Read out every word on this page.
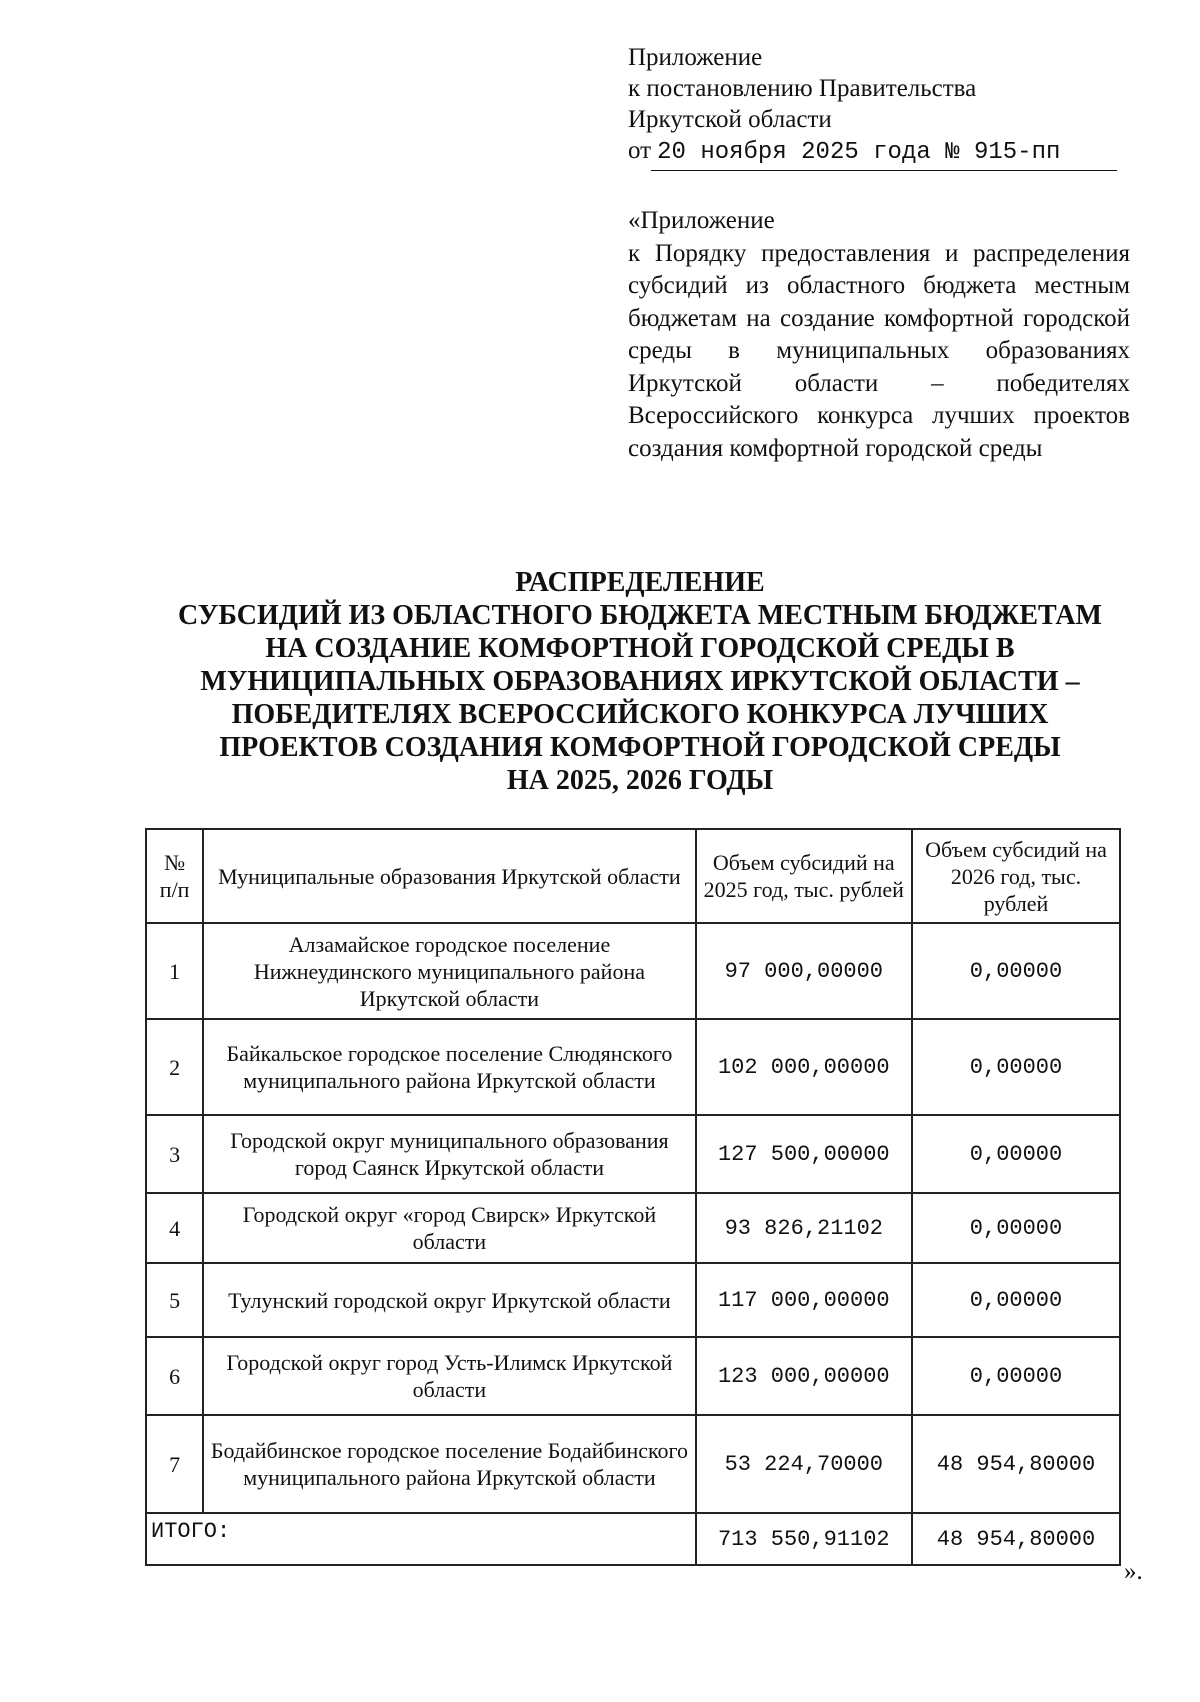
Приложение
к постановлению Правительства
Иркутской области
от 20 ноября 2025 года № 915-пп
«Приложение
к Порядку предоставления и распределения субсидий из областного бюджета местным бюджетам на создание комфортной городской среды в муниципальных образованиях Иркутской области – победителях Всероссийского конкурса лучших проектов создания комфортной городской среды
РАСПРЕДЕЛЕНИЕ
СУБСИДИЙ ИЗ ОБЛАСТНОГО БЮДЖЕТА МЕСТНЫМ БЮДЖЕТАМ
НА СОЗДАНИЕ КОМФОРТНОЙ ГОРОДСКОЙ СРЕДЫ В
МУНИЦИПАЛЬНЫХ ОБРАЗОВАНИЯХ ИРКУТСКОЙ ОБЛАСТИ –
ПОБЕДИТЕЛЯХ ВСЕРОССИЙСКОГО КОНКУРСА ЛУЧШИХ
ПРОЕКТОВ СОЗДАНИЯ КОМФОРТНОЙ ГОРОДСКОЙ СРЕДЫ
НА 2025, 2026 ГОДЫ
№ п/п	Муниципальные образования Иркутской области	Объем субсидий на 2025 год, тыс. рублей	Объем субсидий на 2026 год, тыс. рублей
1	Алзамайское городское поселение Нижнеудинского муниципального района Иркутской области	97 000,00000	0,00000
2	Байкальское городское поселение Слюдянского муниципального района Иркутской области	102 000,00000	0,00000
3	Городской округ муниципального образования город Саянск Иркутской области	127 500,00000	0,00000
4	Городской округ «город Свирск» Иркутской области	93 826,21102	0,00000
5	Тулунский городской округ Иркутской области	117 000,00000	0,00000
6	Городской округ город Усть-Илимск Иркутской области	123 000,00000	0,00000
7	Бодайбинское городское поселение Бодайбинского муниципального района Иркутской области	53 224,70000	48 954,80000
ИТОГО:		713 550,91102	48 954,80000
».
